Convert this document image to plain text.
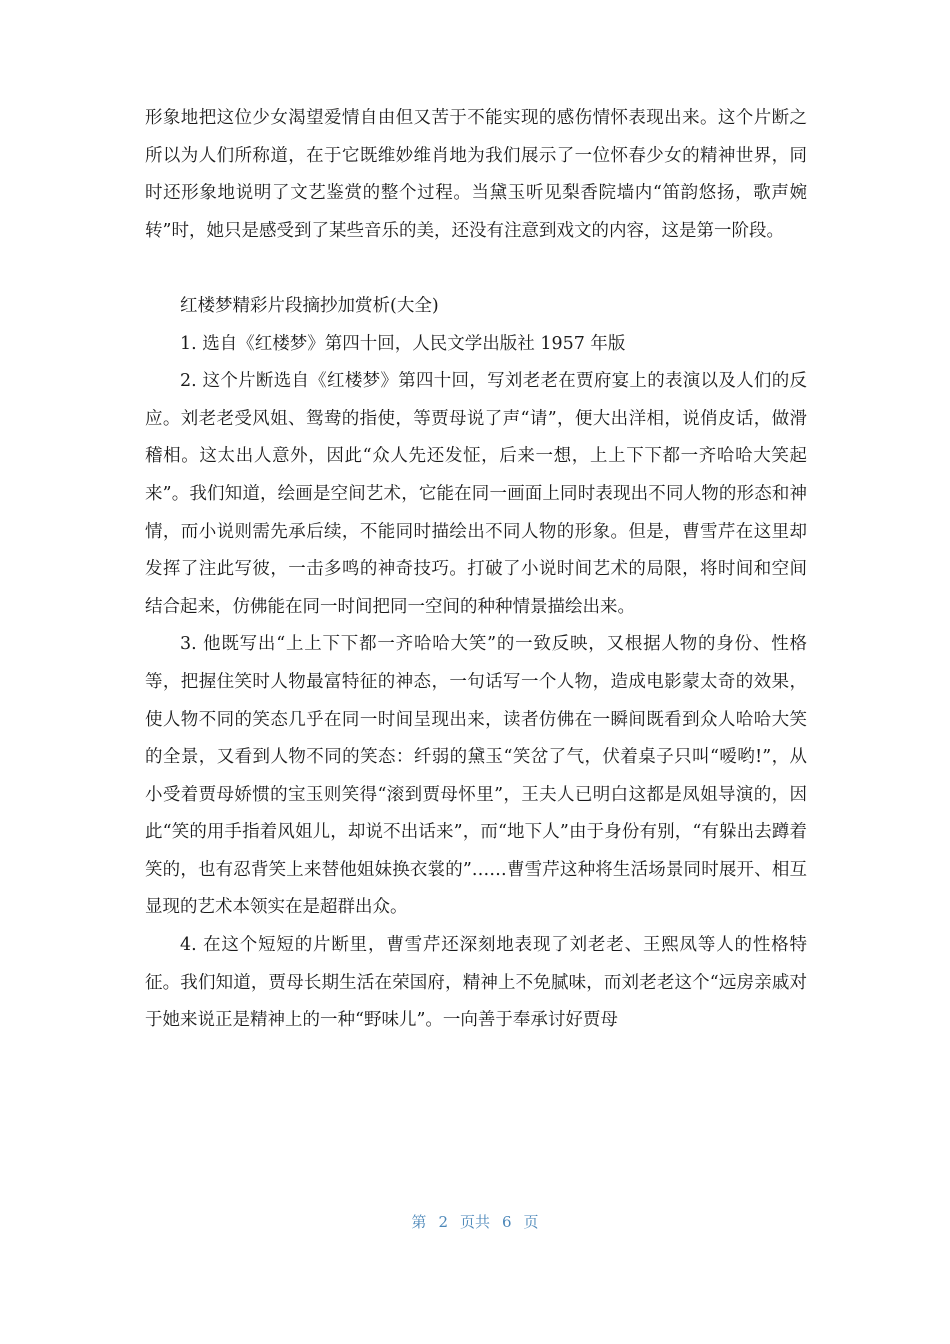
形象地把这位少女渴望爱情自由但又苦于不能实现的感伤情怀表现出来。这个片断之所以为人们所称道，在于它既维妙维肖地为我们展示了一位怀春少女的精神世界，同时还形象地说明了文艺鉴赏的整个过程。当黛玉听见梨香院墙内“笛韵悠扬，歌声婉转”时，她只是感受到了某些音乐的美，还没有注意到戏文的内容，这是第一阶段。

红楼梦精彩片段摘抄加赏析(大全)

1. 选自《红楼梦》第四十回，人民文学出版社 1957 年版

2. 这个片断选自《红楼梦》第四十回，写刘老老在贾府宴上的表演以及人们的反应。刘老老受风姐、鸳鸯的指使，等贾母说了声“请”，便大出洋相，说俏皮话，做滑稽相。这太出人意外，因此“众人先还发怔，后来一想，上上下下都一齐哈哈大笑起来”。我们知道，绘画是空间艺术，它能在同一画面上同时表现出不同人物的形态和神情，而小说则需先承后续，不能同时描绘出不同人物的形象。但是，曹雪芹在这里却发挥了注此写彼，一击多鸣的神奇技巧。打破了小说时间艺术的局限，将时间和空间结合起来，仿佛能在同一时间把同一空间的种种情景描绘出来。

3. 他既写出“上上下下都一齐哈哈大笑”的一致反映，又根据人物的身份、性格等，把握住笑时人物最富特征的神态，一句话写一个人物，造成电影蒙太奇的效果，使人物不同的笑态几乎在同一时间呈现出来，读者仿佛在一瞬间既看到众人哈哈大笑的全景，又看到人物不同的笑态：纤弱的黛玉“笑岔了气，伏着桌子只叫“嗳哟!”，从小受着贾母娇惯的宝玉则笑得“滚到贾母怀里”，王夫人已明白这都是凤姐导演的，因此“笑的用手指着风姐儿，却说不出话来”，而“地下人”由于身份有别，“有躲出去蹲着笑的，也有忍背笑上来替他姐妹换衣裳的”……曹雪芹这种将生活场景同时展开、相互显现的艺术本领实在是超群出众。

4. 在这个短短的片断里，曹雪芹还深刻地表现了刘老老、王熙凤等人的性格特征。我们知道，贾母长期生活在荣国府，精神上不免腻味，而刘老老这个“远房亲戚对于她来说正是精神上的一种“野味儿”。一向善于奉承讨好贾母

第 2 页共 6 页
